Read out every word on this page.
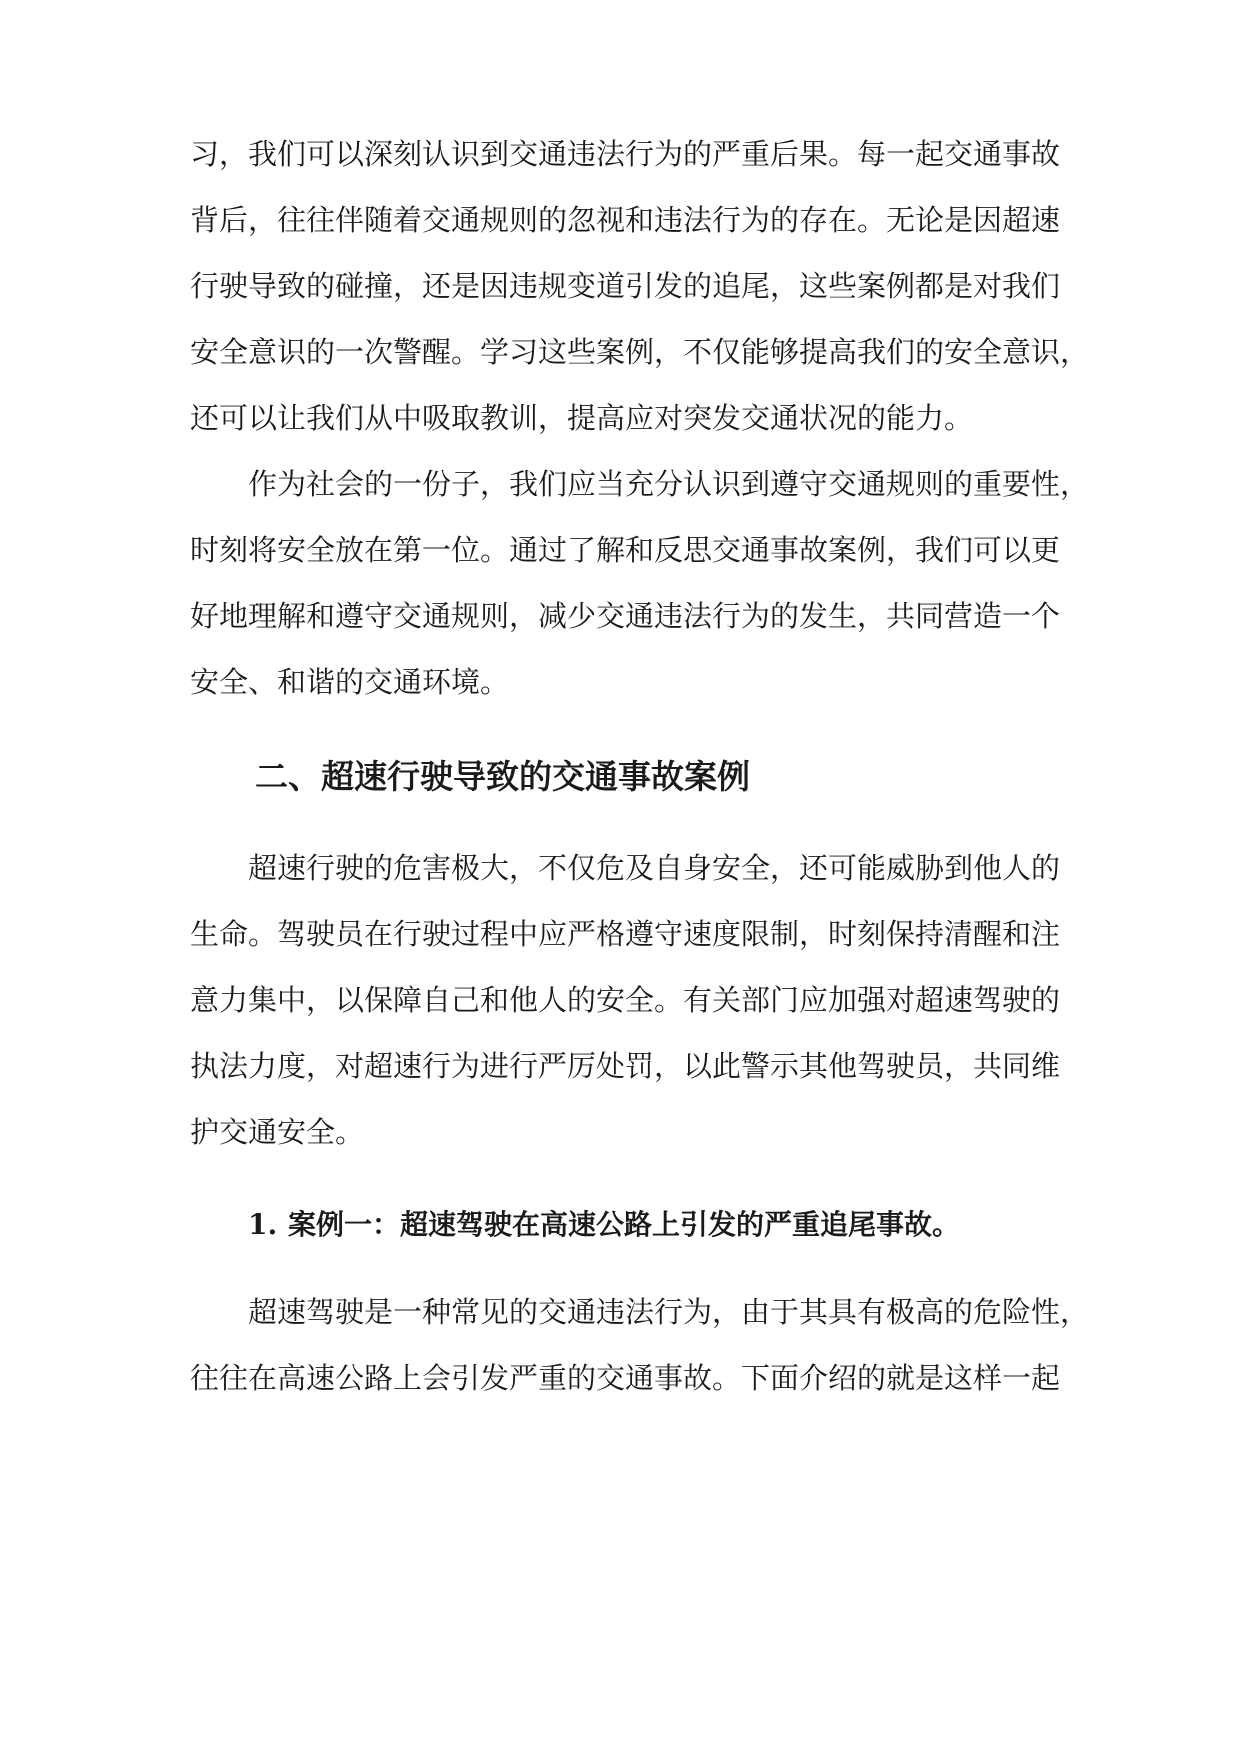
习，我们可以深刻认识到交通违法行为的严重后果。每一起交通事故
背后，往往伴随着交通规则的忽视和违法行为的存在。无论是因超速
行驶导致的碰撞，还是因违规变道引发的追尾，这些案例都是对我们
安全意识的一次警醒。学习这些案例，不仅能够提高我们的安全意识，
还可以让我们从中吸取教训，提高应对突发交通状况的能力。
作为社会的一份子，我们应当充分认识到遵守交通规则的重要性，
时刻将安全放在第一位。通过了解和反思交通事故案例，我们可以更
好地理解和遵守交通规则，减少交通违法行为的发生，共同营造一个
安全、和谐的交通环境。
二、超速行驶导致的交通事故案例
超速行驶的危害极大，不仅危及自身安全，还可能威胁到他人的
生命。驾驶员在行驶过程中应严格遵守速度限制，时刻保持清醒和注
意力集中，以保障自己和他人的安全。有关部门应加强对超速驾驶的
执法力度，对超速行为进行严厉处罚，以此警示其他驾驶员，共同维
护交通安全。
1. 案例一：超速驾驶在高速公路上引发的严重追尾事故。
超速驾驶是一种常见的交通违法行为，由于其具有极高的危险性，
往往在高速公路上会引发严重的交通事故。下面介绍的就是这样一起
